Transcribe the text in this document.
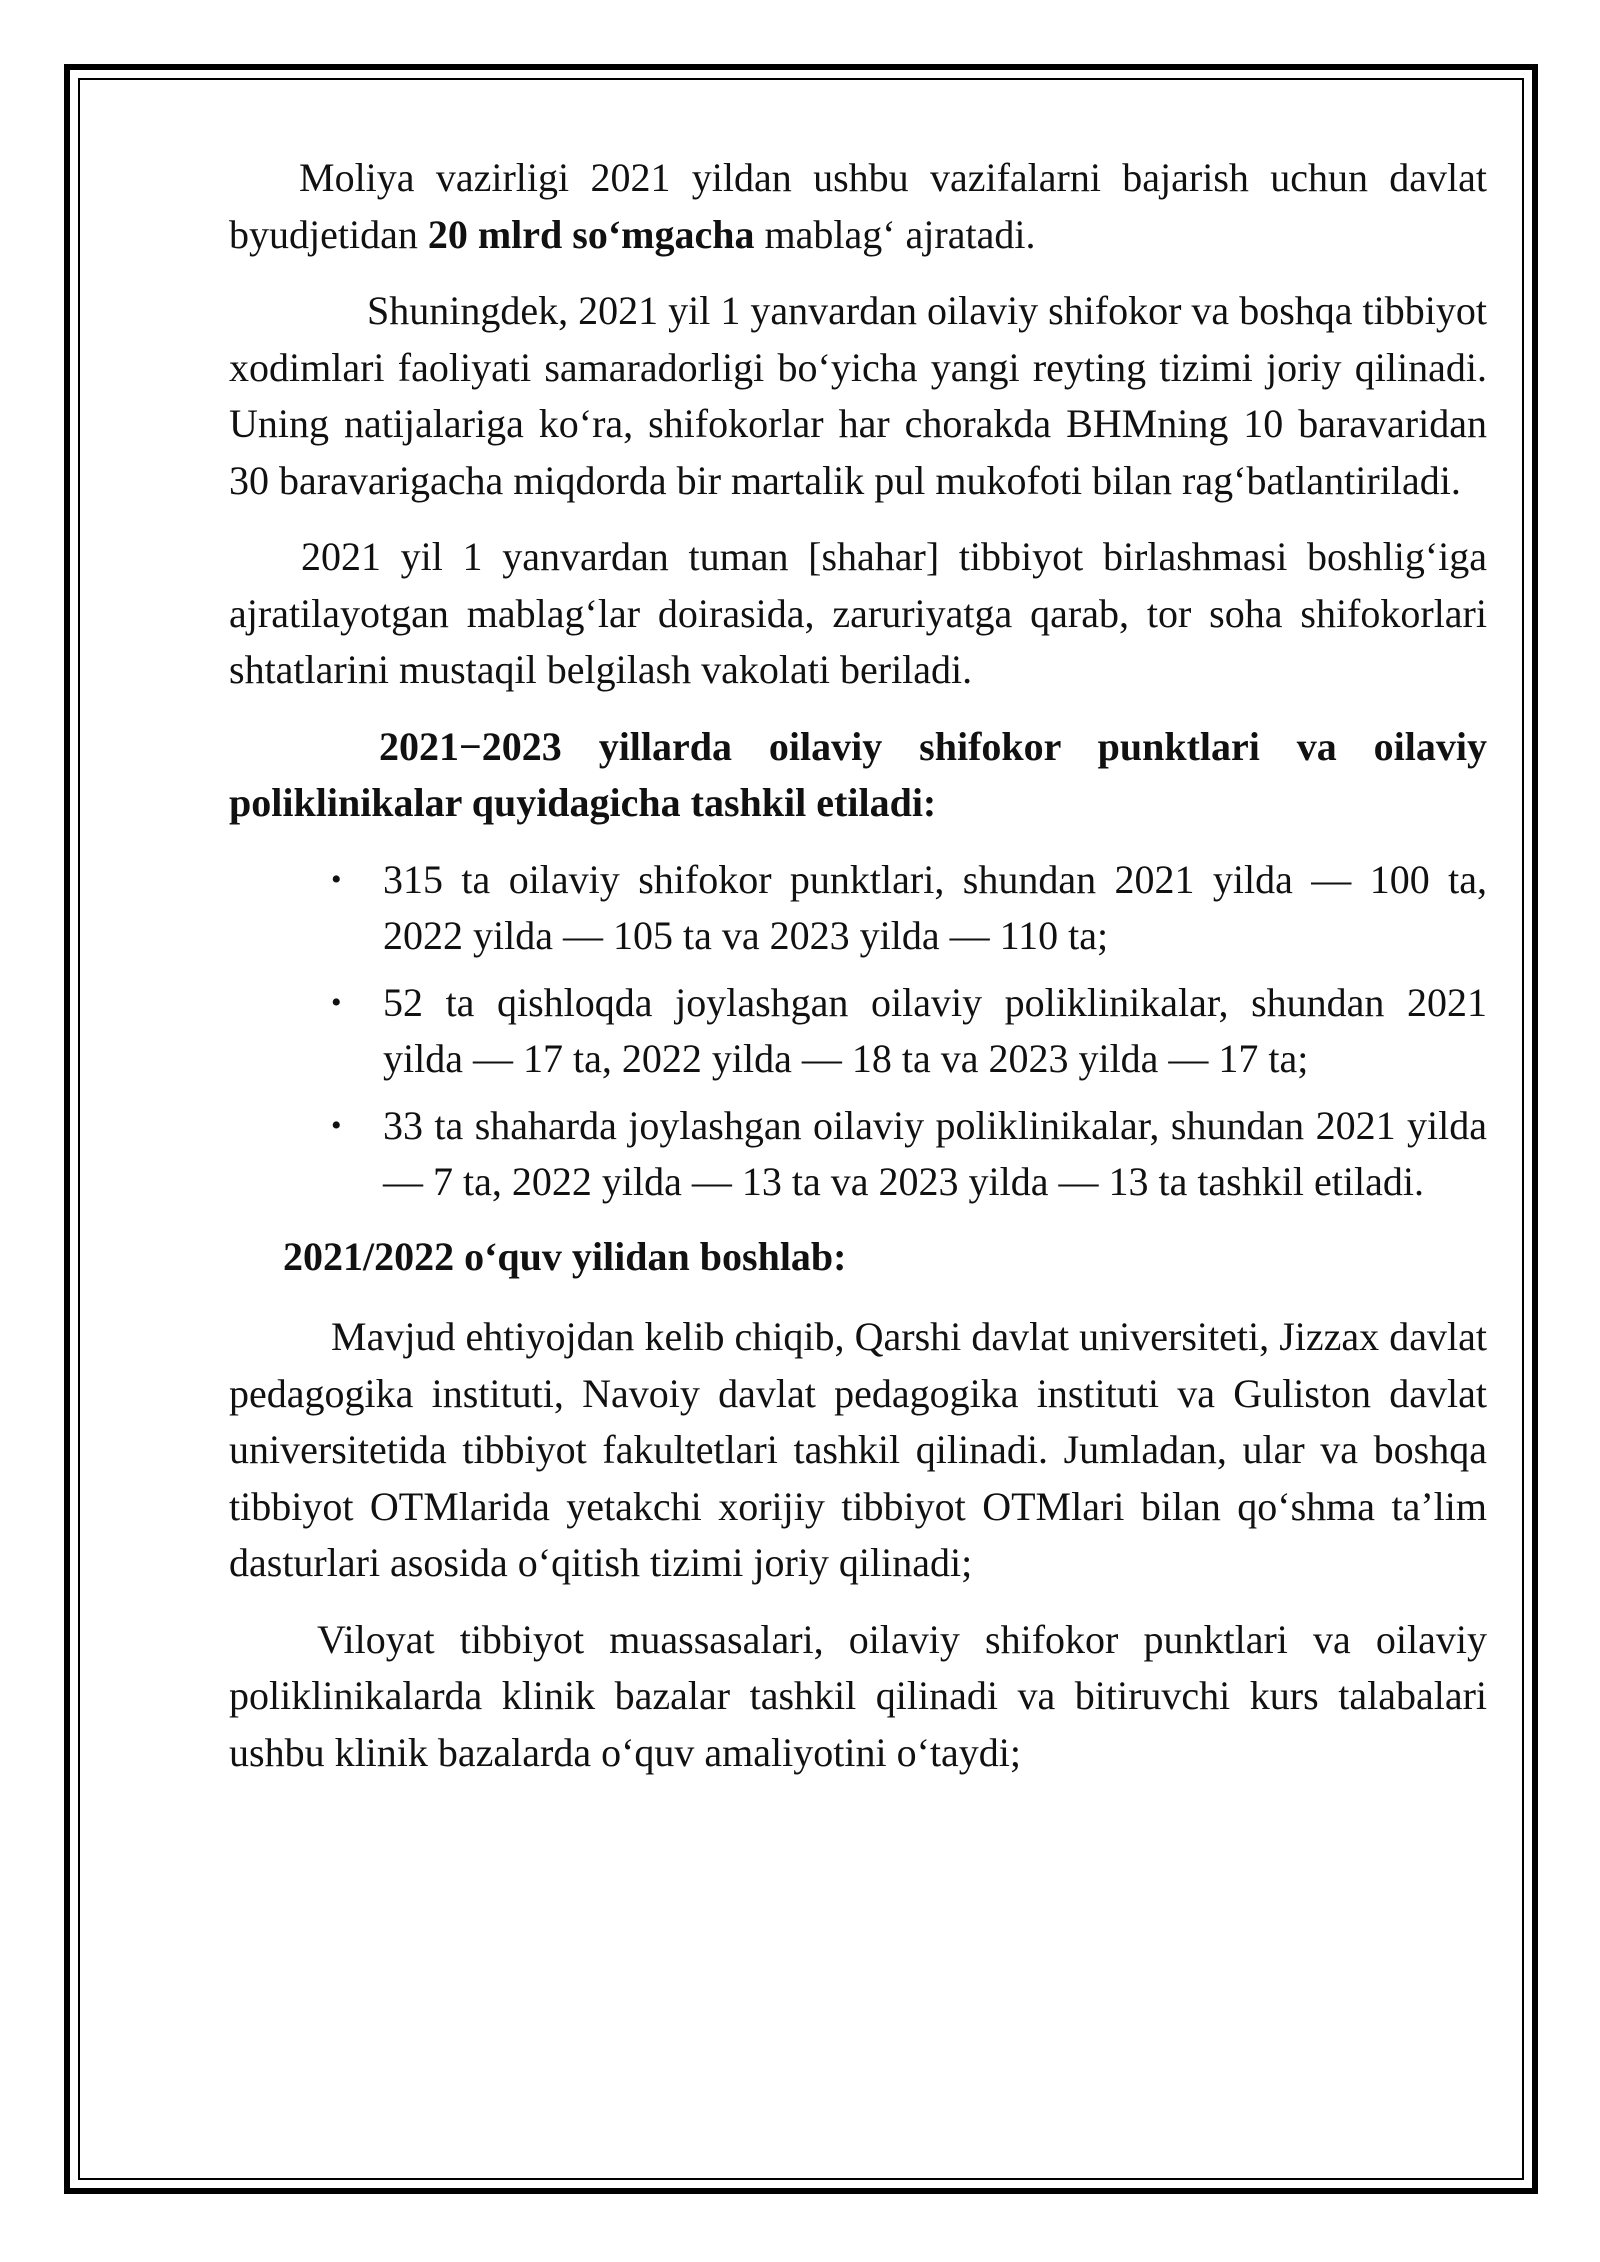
Moliya vazirligi 2021 yildan ushbu vazifalarni bajarish uchun davlat byudjetidan 20 mlrd so‘mgacha mablag‘ ajratadi.

Shuningdek, 2021 yil 1 yanvardan oilaviy shifokor va boshqa tibbiyot xodimlari faoliyati samaradorligi bo‘yicha yangi reyting tizimi joriy qilinadi. Uning natijalariga ko‘ra, shifokorlar har chorakda BHMning 10 baravaridan 30 baravarigacha miqdorda bir martalik pul mukofoti bilan rag‘batlantiriladi.

2021 yil 1 yanvardan tuman [shahar] tibbiyot birlashmasi boshlig‘iga ajratilayotgan mablag‘lar doirasida, zaruriyatga qarab, tor soha shifokorlari shtatlarini mustaqil belgilash vakolati beriladi.

2021−2023 yillarda oilaviy shifokor punktlari va oilaviy poliklinikalar quyidagicha tashkil etiladi:

• 315 ta oilaviy shifokor punktlari, shundan 2021 yilda — 100 ta, 2022 yilda — 105 ta va 2023 yilda — 110 ta;
• 52 ta qishloqda joylashgan oilaviy poliklinikalar, shundan 2021 yilda — 17 ta, 2022 yilda — 18 ta va 2023 yilda — 17 ta;
• 33 ta shaharda joylashgan oilaviy poliklinikalar, shundan 2021 yilda — 7 ta, 2022 yilda — 13 ta va 2023 yilda — 13 ta tashkil etiladi.

2021/2022 o‘quv yilidan boshlab:

Mavjud ehtiyojdan kelib chiqib, Qarshi davlat universiteti, Jizzax davlat pedagogika instituti, Navoiy davlat pedagogika instituti va Guliston davlat universitetida tibbiyot fakultetlari tashkil qilinadi. Jumladan, ular va boshqa tibbiyot OTMlarida yetakchi xorijiy tibbiyot OTMlari bilan qo‘shma ta’lim dasturlari asosida o‘qitish tizimi joriy qilinadi;

Viloyat tibbiyot muassasalari, oilaviy shifokor punktlari va oilaviy poliklinikalarda klinik bazalar tashkil qilinadi va bitiruvchi kurs talabalari ushbu klinik bazalarda o‘quv amaliyotini o‘taydi;
